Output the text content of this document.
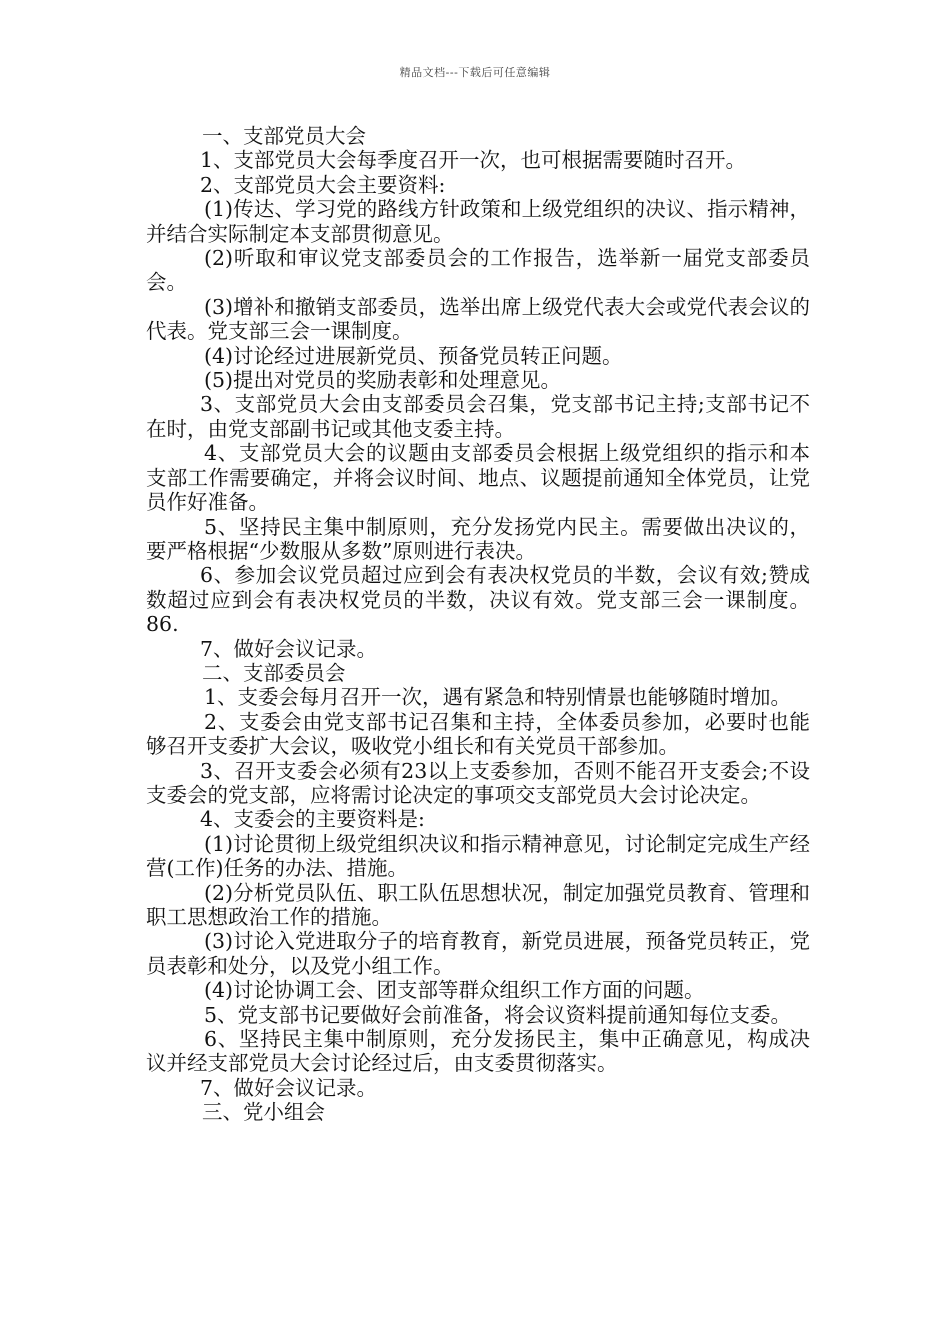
精品文档---下载后可任意编辑

一、支部党员大会

1、支部党员大会每季度召开一次，也可根据需要随时召开。

2、支部党员大会主要资料:

(1)传达、学习党的路线方针政策和上级党组织的决议、指示精神，并结合实际制定本支部贯彻意见。

(2)听取和审议党支部委员会的工作报告，选举新一届党支部委员会。

(3)增补和撤销支部委员，选举出席上级党代表大会或党代表会议的代表。党支部三会一课制度。

(4)讨论经过进展新党员、预备党员转正问题。

(5)提出对党员的奖励表彰和处理意见。

3、支部党员大会由支部委员会召集，党支部书记主持;支部书记不在时，由党支部副书记或其他支委主持。

4、支部党员大会的议题由支部委员会根据上级党组织的指示和本支部工作需要确定，并将会议时间、地点、议题提前通知全体党员，让党员作好准备。

5、坚持民主集中制原则，充分发扬党内民主。需要做出决议的，要严格根据“少数服从多数”原则进行表决。

6、参加会议党员超过应到会有表决权党员的半数，会议有效;赞成数超过应到会有表决权党员的半数，决议有效。党支部三会一课制度。86.

7、做好会议记录。

二、支部委员会

1、支委会每月召开一次，遇有紧急和特别情景也能够随时增加。

2、支委会由党支部书记召集和主持，全体委员参加，必要时也能够召开支委扩大会议，吸收党小组长和有关党员干部参加。

3、召开支委会必须有23以上支委参加，否则不能召开支委会;不设支委会的党支部，应将需讨论决定的事项交支部党员大会讨论决定。

4、支委会的主要资料是:

(1)讨论贯彻上级党组织决议和指示精神意见，讨论制定完成生产经营(工作)任务的办法、措施。

(2)分析党员队伍、职工队伍思想状况，制定加强党员教育、管理和职工思想政治工作的措施。

(3)讨论入党进取分子的培育教育，新党员进展，预备党员转正，党员表彰和处分，以及党小组工作。

(4)讨论协调工会、团支部等群众组织工作方面的问题。

5、党支部书记要做好会前准备，将会议资料提前通知每位支委。

6、坚持民主集中制原则，充分发扬民主，集中正确意见，构成决议并经支部党员大会讨论经过后，由支委贯彻落实。

7、做好会议记录。

三、党小组会
